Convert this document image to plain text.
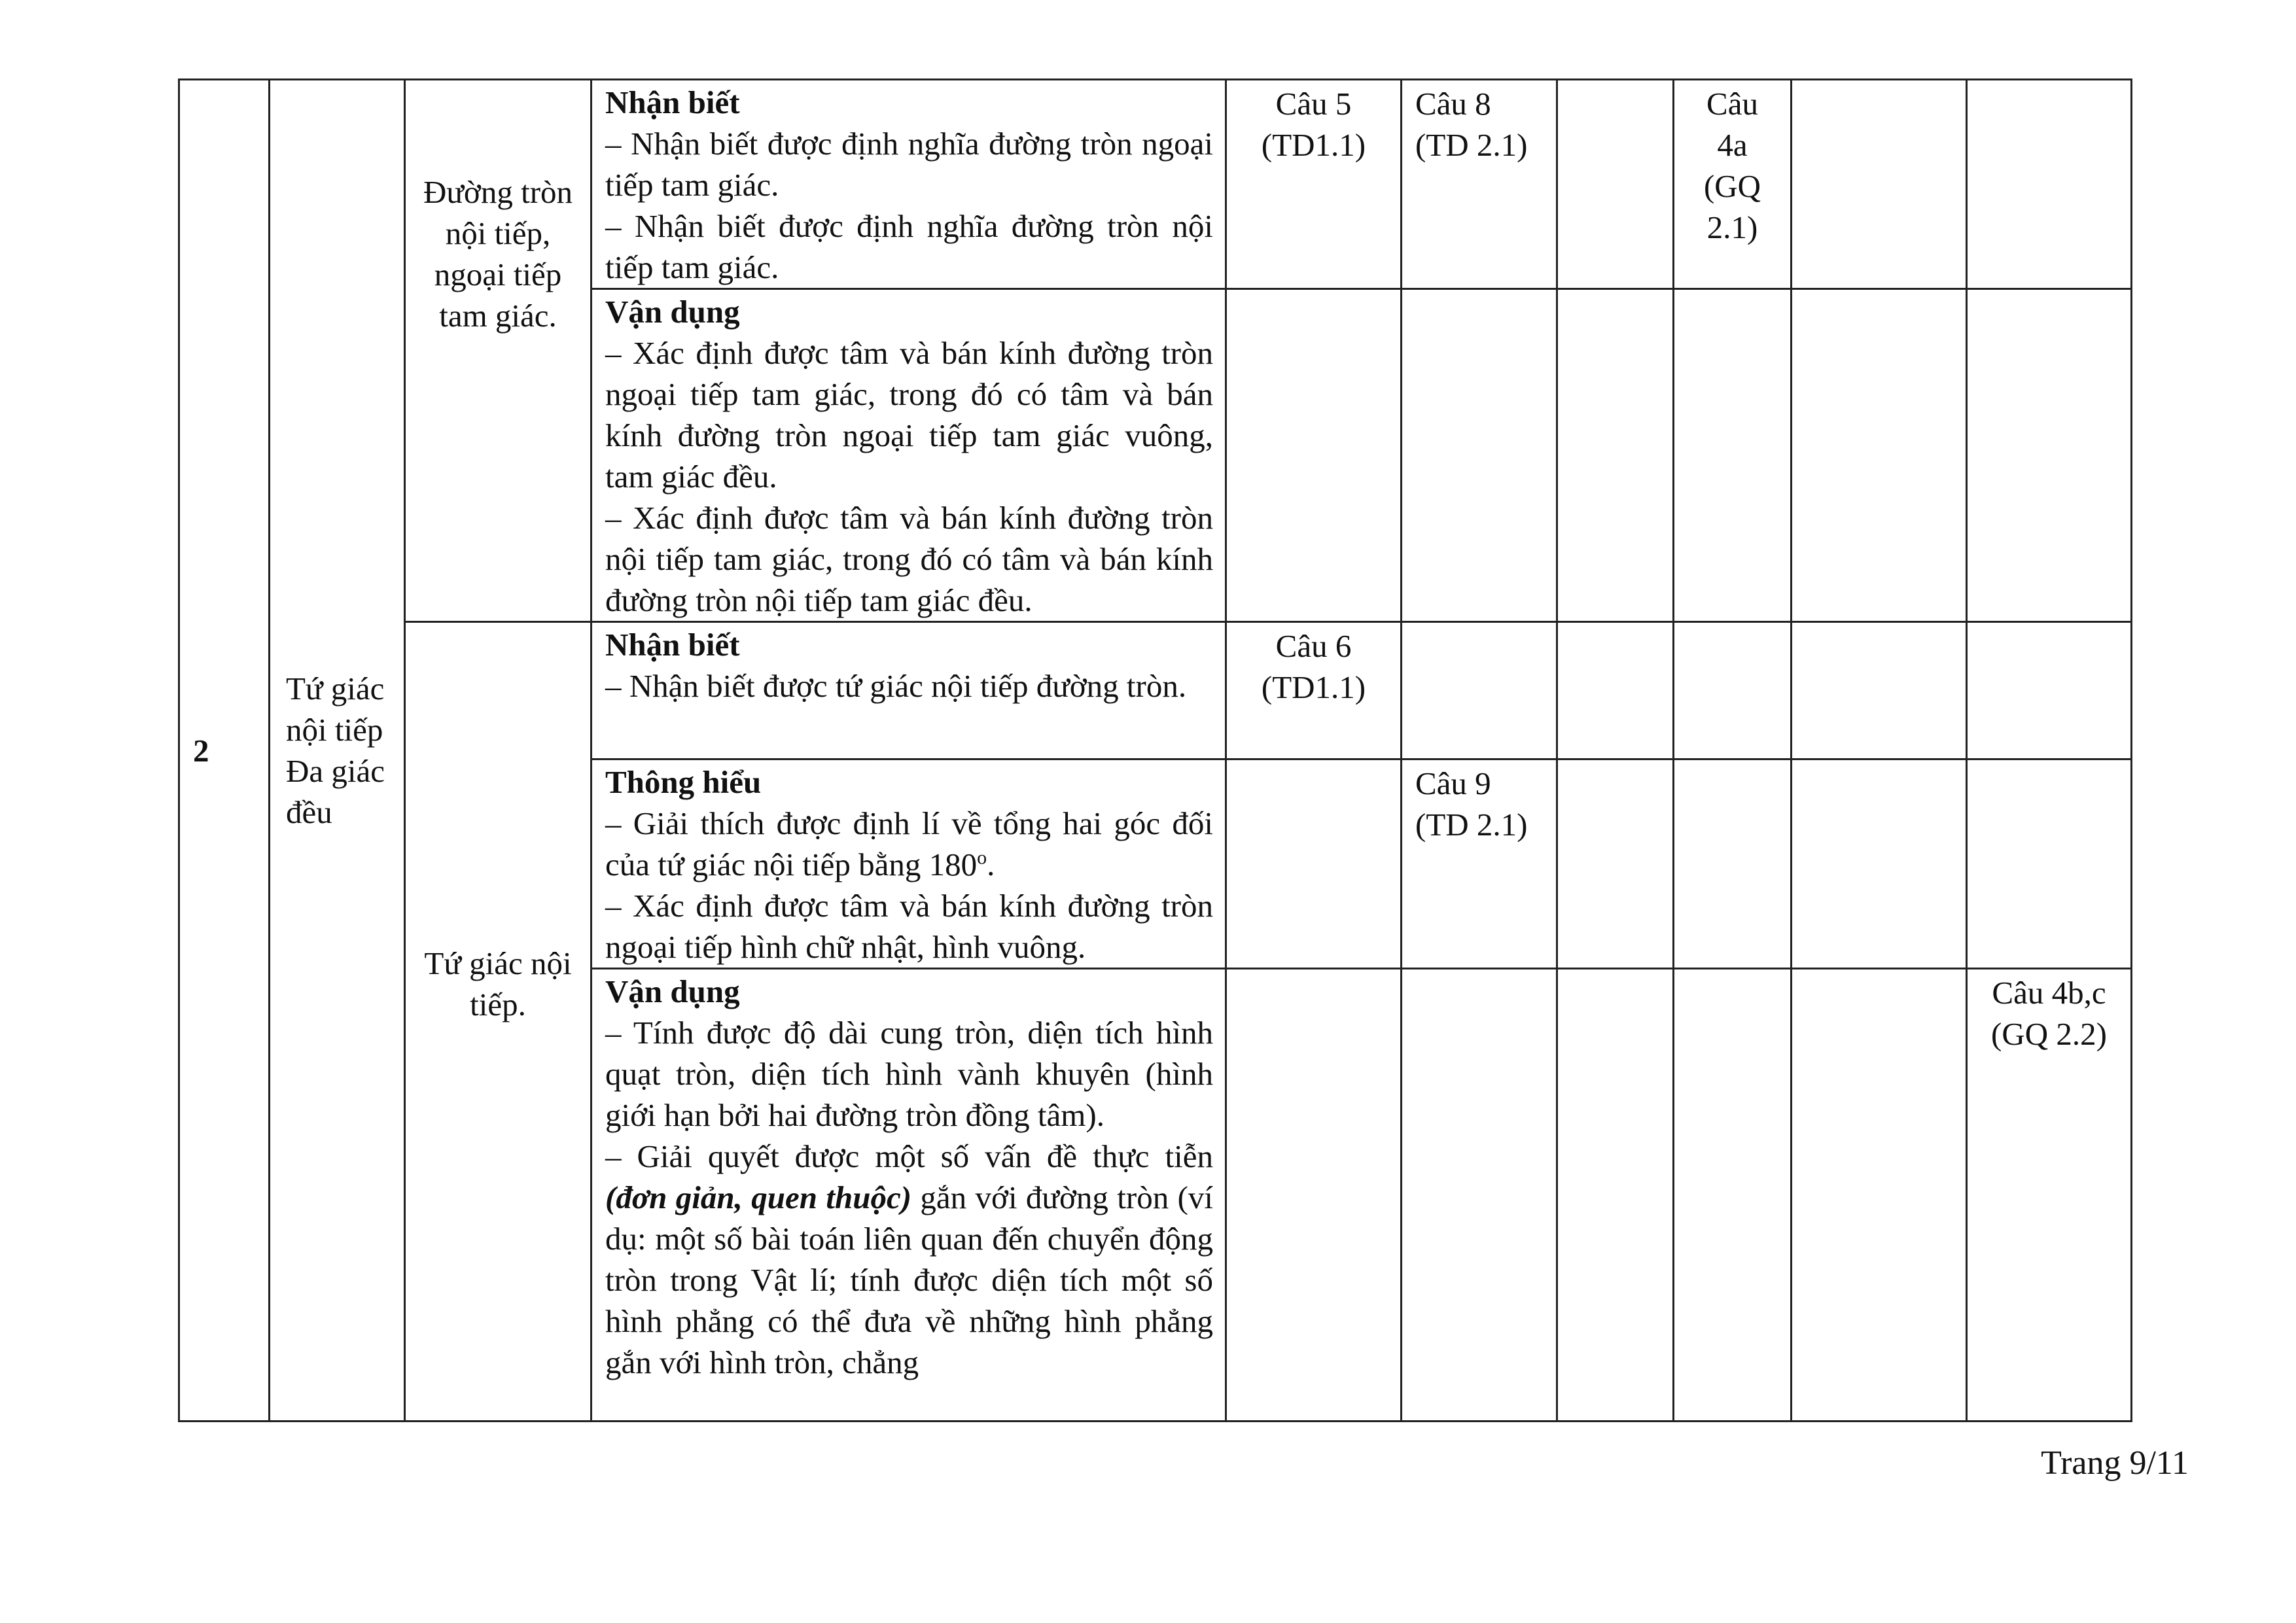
2	Tứ giác nội tiếp Đa giác đều	Đường tròn nội tiếp, ngoại tiếp tam giác.	Nhận biết
– Nhận biết được định nghĩa đường tròn ngoại tiếp tam giác.
– Nhận biết được định nghĩa đường tròn nội tiếp tam giác.	Câu 5 (TD1.1)	Câu 8 (TD 2.1)		Câu 4a (GQ 2.1)		

			Vận dụng
– Xác định được tâm và bán kính đường tròn ngoại tiếp tam giác, trong đó có tâm và bán kính đường tròn ngoại tiếp tam giác vuông, tam giác đều.
– Xác định được tâm và bán kính đường tròn nội tiếp tam giác, trong đó có tâm và bán kính đường tròn nội tiếp tam giác đều.						

		Tứ giác nội tiếp.	Nhận biết
– Nhận biết được tứ giác nội tiếp đường tròn.	Câu 6 (TD1.1)					

			Thông hiểu
– Giải thích được định lí về tổng hai góc đối của tứ giác nội tiếp bằng 180$^o$.
– Xác định được tâm và bán kính đường tròn ngoại tiếp hình chữ nhật, hình vuông.		Câu 9 (TD 2.1)				

			Vận dụng
– Tính được độ dài cung tròn, diện tích hình quạt tròn, diện tích hình vành khuyên (hình giới hạn bởi hai đường tròn đồng tâm).
– Giải quyết được một số vấn đề thực tiễn (đơn giản, quen thuộc) gắn với đường tròn (ví dụ: một số bài toán liên quan đến chuyển động tròn trong Vật lí; tính được diện tích một số hình phẳng có thể đưa về những hình phẳng gắn với hình tròn, chẳng						Câu 4b,c (GQ 2.2)
Trang 9/11
